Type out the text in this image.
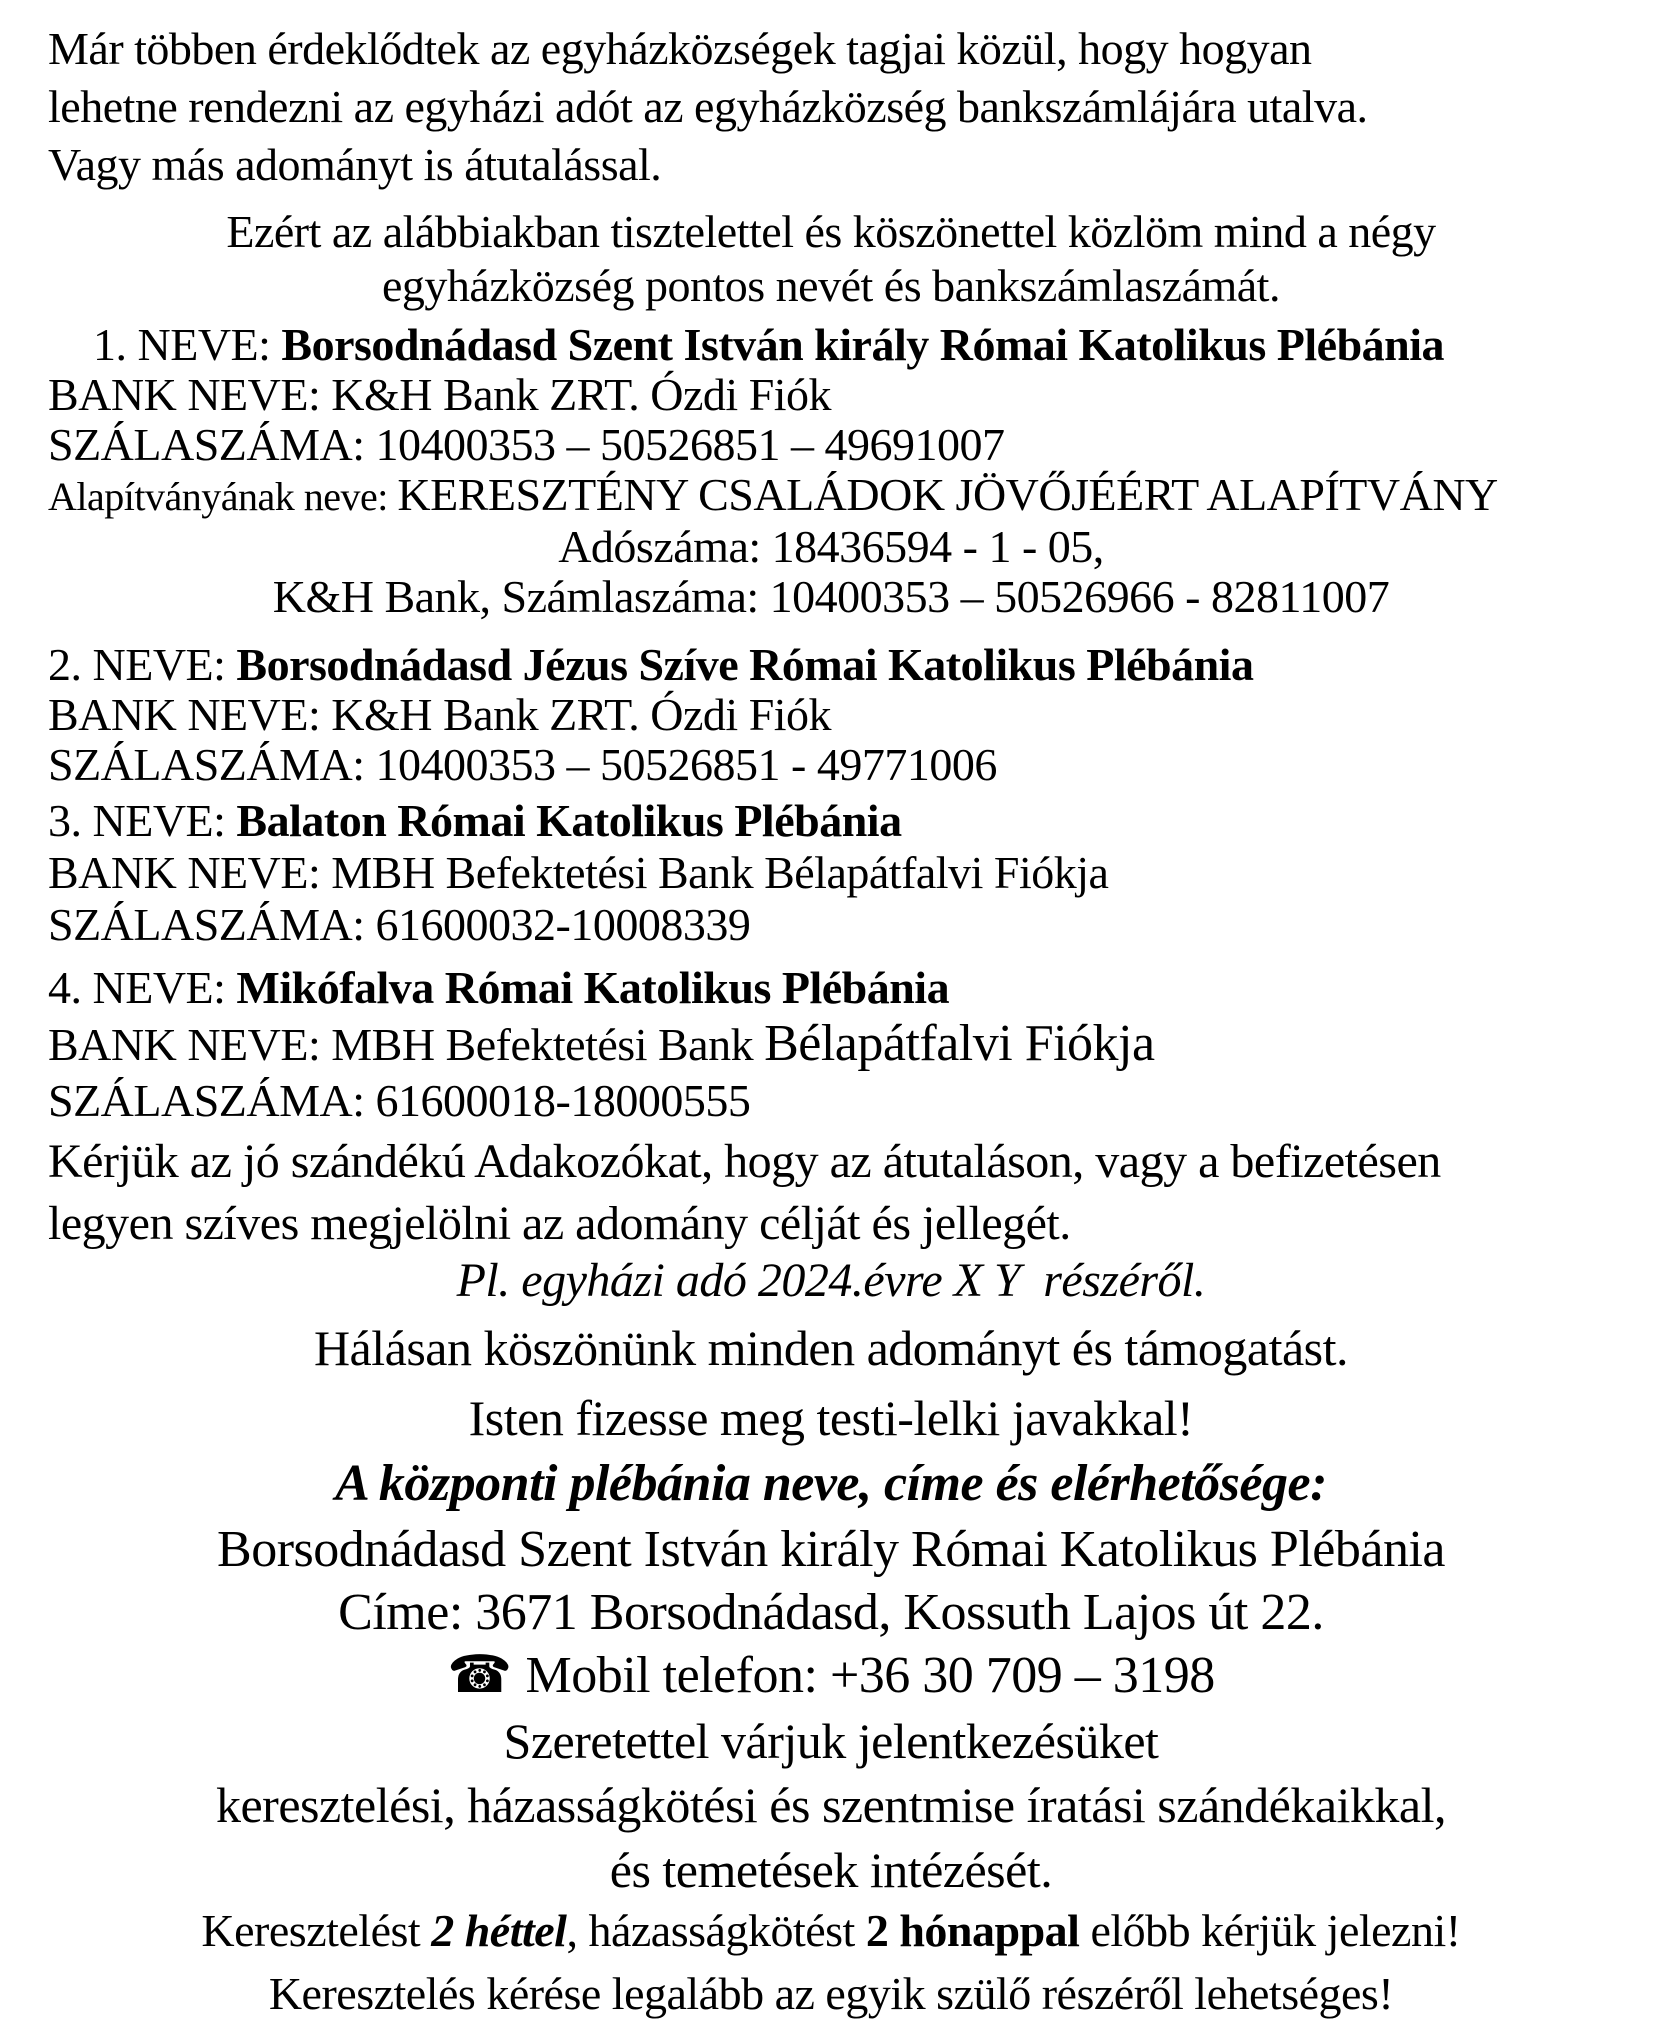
Már többen érdeklődtek az egyházközségek tagjai közül, hogy hogyan
lehetne rendezni az egyházi adót az egyházközség bankszámlájára utalva.
Vagy más adományt is átutalással.
Ezért az alábbiakban tisztelettel és köszönettel közlöm mind a négy
egyházközség pontos nevét és bankszámlaszámát.
1. NEVE: Borsodnádasd Szent István király Római Katolikus Plébánia
BANK NEVE: K&H Bank ZRT. Ózdi Fiók
SZÁLASZÁMA: 10400353 – 50526851 – 49691007
Alapítványának neve: KERESZTÉNY CSALÁDOK JÖVŐJÉÉRT ALAPÍTVÁNY
Adószáma: 18436594 - 1 - 05,
K&H Bank, Számlaszáma: 10400353 – 50526966 - 82811007
2. NEVE: Borsodnádasd Jézus Szíve Római Katolikus Plébánia
BANK NEVE: K&H Bank ZRT. Ózdi Fiók
SZÁLASZÁMA: 10400353 – 50526851 - 49771006
3. NEVE: Balaton Római Katolikus Plébánia
BANK NEVE: MBH Befektetési Bank Bélapátfalvi Fiókja
SZÁLASZÁMA: 61600032-10008339
4. NEVE: Mikófalva Római Katolikus Plébánia
BANK NEVE: MBH Befektetési Bank Bélapátfalvi Fiókja
SZÁLASZÁMA: 61600018-18000555
Kérjük az jó szándékú Adakozókat, hogy az átutaláson, vagy a befizetésen
legyen szíves megjelölni az adomány célját és jellegét.
Pl. egyházi adó 2024.évre X Y  részéről.
Hálásan köszönünk minden adományt és támogatást.
Isten fizesse meg testi-lelki javakkal!
A központi plébánia neve, címe és elérhetősége:
Borsodnádasd Szent István király Római Katolikus Plébánia
Címe: 3671 Borsodnádasd, Kossuth Lajos út 22.
☎ Mobil telefon: +36 30 709 – 3198
Szeretettel várjuk jelentkezésüket
keresztelési, házasságkötési és szentmise íratási szándékaikkal,
és temetések intézését.
Keresztelést 2 héttel, házasságkötést 2 hónappal előbb kérjük jelezni!
Keresztelés kérése legalább az egyik szülő részéről lehetséges!
